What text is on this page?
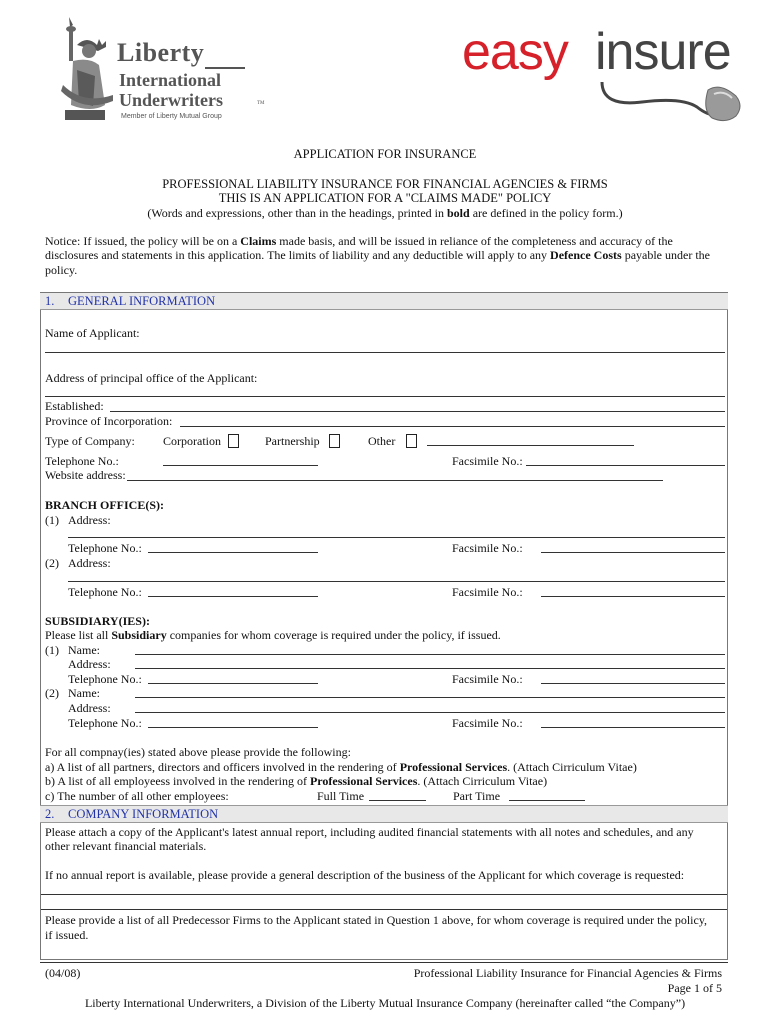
Liberty
International
Underwriters	TM
Member of Liberty Mutual Group
easy insure
APPLICATION FOR INSURANCE
PROFESSIONAL LIABILITY INSURANCE FOR FINANCIAL AGENCIES & FIRMS
THIS IS AN APPLICATION FOR A "CLAIMS MADE" POLICY
(Words and expressions, other than in the headings, printed in bold are defined in the policy form.)
Notice: If issued, the policy will be on a Claims made basis, and will be issued in reliance of the completeness and accuracy of the
disclosures and statements in this application. The limits of liability and any deductible will apply to any Defence Costs payable under the
policy.
1. GENERAL INFORMATION
Name of Applicant:
Address of principal office of the Applicant:
Established:
Province of Incorporation:
Type of Company: Corporation	Partnership	Other
Telephone No.:	Facsimile No.:
Website address:
BRANCH OFFICE(S):
(1) Address:
Telephone No.:	Facsimile No.:
(2) Address:
Telephone No.:	Facsimile No.:
SUBSIDIARY(IES):
Please list all Subsidiary companies for whom coverage is required under the policy, if issued.
(1) Name:
Address:
Telephone No.:	Facsimile No.:
(2) Name:
Address:
Telephone No.:	Facsimile No.:
For all compnay(ies) stated above please provide the following:
a) A list of all partners, directors and officers involved in the rendering of Professional Services. (Attach Cirriculum Vitae)
b) A list of all employeess involved in the rendering of Professional Services. (Attach Cirriculum Vitae)
c) The number of all other employees:	Full Time	Part Time
2. COMPANY INFORMATION
Please attach a copy of the Applicant's latest annual report, including audited financial statements with all notes and schedules, and any
other relevant financial materials.
If no annual report is available, please provide a general description of the business of the Applicant for which coverage is requested:
Please provide a list of all Predecessor Firms to the Applicant stated in Question 1 above, for whom coverage is required under the policy,
if issued.
(04/08)	Professional Liability Insurance for Financial Agencies & Firms
Page 1 of 5
Liberty International Underwriters, a Division of the Liberty Mutual Insurance Company (hereinafter called “the Company”)
